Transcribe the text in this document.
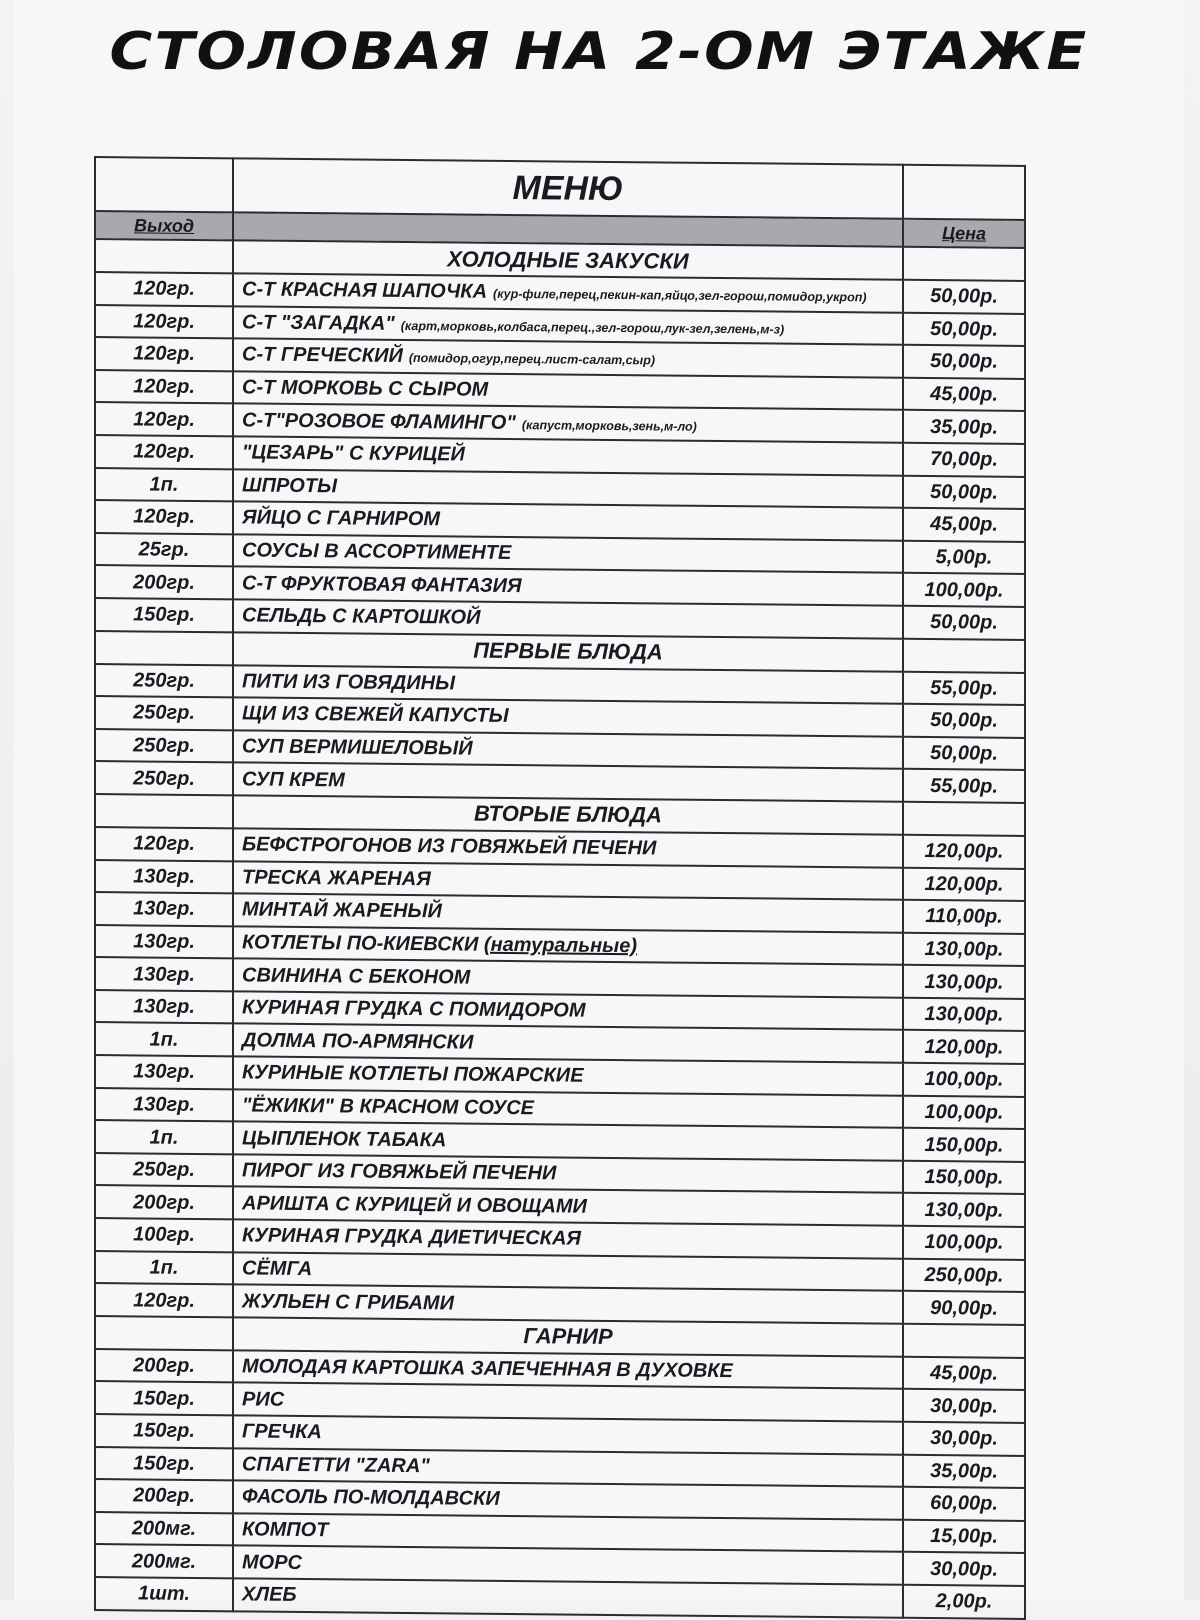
СТОЛОВАЯ НА 2-ОМ ЭТАЖЕ
	МЕНЮ	
Выход		Цена
	ХОЛОДНЫЕ ЗАКУСКИ	
120гр.	С-Т КРАСНАЯ ШАПОЧКА (кур-филе,перец,пекин-кап,яйцо,зел-горош,помидор,укроп)	50,00р.
120гр.	С-Т "ЗАГАДКА" (карт,морковь,колбаса,перец.,зел-горош,лук-зел,зелень,м-з)	50,00р.
120гр.	С-Т ГРЕЧЕСКИЙ (помидор,огур,перец.лист-салат,сыр)	50,00р.
120гр.	С-Т МОРКОВЬ С СЫРОМ	45,00р.
120гр.	С-Т"РОЗОВОЕ ФЛАМИНГО" (капуст,морковь,зень,м-ло)	35,00р.
120гр.	"ЦЕЗАРЬ" С КУРИЦЕЙ	70,00р.
1п.	ШПРОТЫ	50,00р.
120гр.	ЯЙЦО С ГАРНИРОМ	45,00р.
25гр.	СОУСЫ В АССОРТИМЕНТЕ	5,00р.
200гр.	С-Т ФРУКТОВАЯ ФАНТАЗИЯ	100,00р.
150гр.	СЕЛЬДЬ С КАРТОШКОЙ	50,00р.
	ПЕРВЫЕ БЛЮДА	
250гр.	ПИТИ ИЗ ГОВЯДИНЫ	55,00р.
250гр.	ЩИ ИЗ СВЕЖЕЙ КАПУСТЫ	50,00р.
250гр.	СУП ВЕРМИШЕЛОВЫЙ	50,00р.
250гр.	СУП КРЕМ	55,00р.
	ВТОРЫЕ БЛЮДА	
120гр.	БЕФСТРОГОНОВ ИЗ ГОВЯЖЬЕЙ ПЕЧЕНИ	120,00р.
130гр.	ТРЕСКА ЖАРЕНАЯ	120,00р.
130гр.	МИНТАЙ ЖАРЕНЫЙ	110,00р.
130гр.	КОТЛЕТЫ ПО-КИЕВСКИ (натуральные)	130,00р.
130гр.	СВИНИНА С БЕКОНОМ	130,00р.
130гр.	КУРИНАЯ ГРУДКА С ПОМИДОРОМ	130,00р.
1п.	ДОЛМА ПО-АРМЯНСКИ	120,00р.
130гр.	КУРИНЫЕ КОТЛЕТЫ ПОЖАРСКИЕ	100,00р.
130гр.	"ЁЖИКИ" В КРАСНОМ СОУСЕ	100,00р.
1п.	ЦЫПЛЕНОК ТАБАКА	150,00р.
250гр.	ПИРОГ ИЗ ГОВЯЖЬЕЙ ПЕЧЕНИ	150,00р.
200гр.	АРИШТА С КУРИЦЕЙ И ОВОЩАМИ	130,00р.
100гр.	КУРИНАЯ ГРУДКА ДИЕТИЧЕСКАЯ	100,00р.
1п.	СЁМГА	250,00р.
120гр.	ЖУЛЬЕН С ГРИБАМИ	90,00р.
	ГАРНИР	
200гр.	МОЛОДАЯ КАРТОШКА ЗАПЕЧЕННАЯ В ДУХОВКЕ	45,00р.
150гр.	РИС	30,00р.
150гр.	ГРЕЧКА	30,00р.
150гр.	СПАГЕТТИ "ZARA"	35,00р.
200гр.	ФАСОЛЬ ПО-МОЛДАВСКИ	60,00р.
200мг.	КОМПОТ	15,00р.
200мг.	МОРС	30,00р.
1шт.	ХЛЕБ	2,00р.
